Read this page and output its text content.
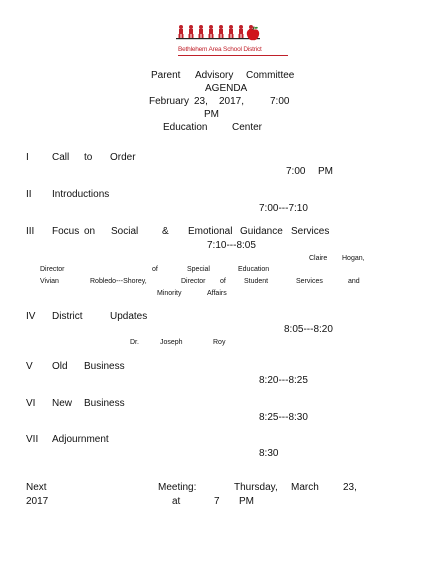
Bethlehem Area School District
Parent Advisory Committee
AGENDA
February 23, 2017,	7:00
PM
Education Center
I Call to Order
7:00 PM
II Introductions
7:00---7:10
III Focus on Social & Emotional Guidance Services
7:10---8:05
Claire Hogan,
Director	of	Special	Education
Vivian	Robledo---Shorey,	Director of	Student	Services	and
Minority	Affairs
IV District	Updates
8:05---8:20
Dr.	Joseph	Roy
V Old Business
8:20---8:25
VI New Business
8:25---8:30
VII Adjournment
8:30
Next	Meeting:	Thursday, March 23,
2017	at	7 PM
